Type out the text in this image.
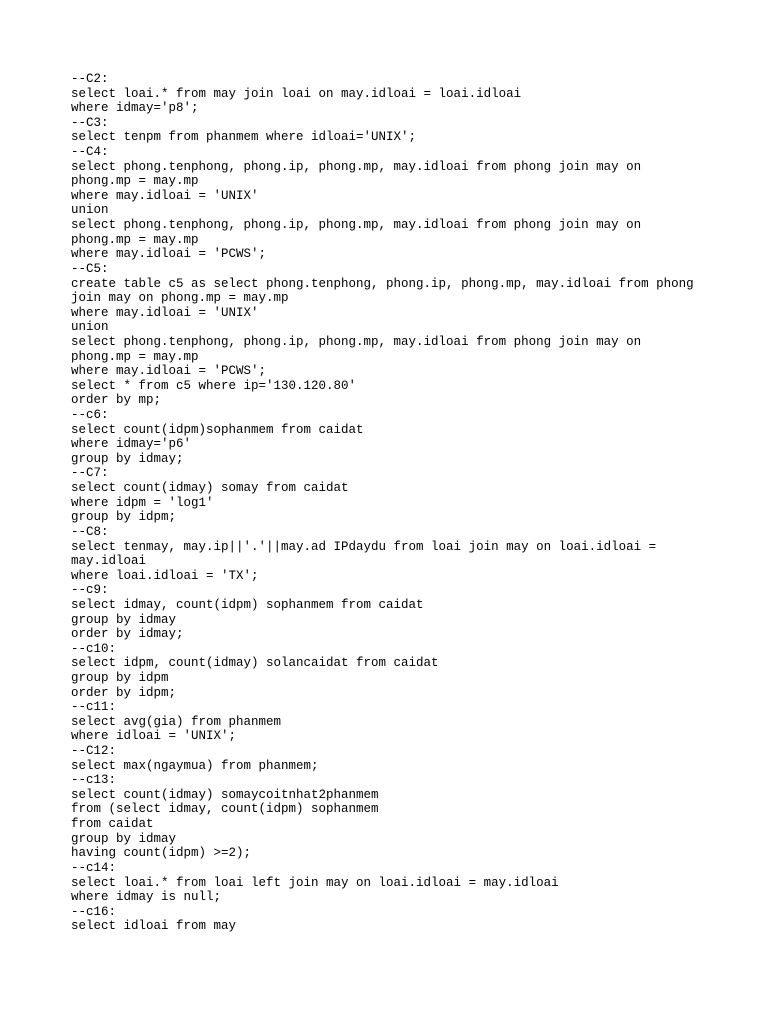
--C2:
select loai.* from may join loai on may.idloai = loai.idloai
where idmay='p8';
--C3:
select tenpm from phanmem where idloai='UNIX';
--C4:
select phong.tenphong, phong.ip, phong.mp, may.idloai from phong join may on
phong.mp = may.mp
where may.idloai = 'UNIX'
union
select phong.tenphong, phong.ip, phong.mp, may.idloai from phong join may on
phong.mp = may.mp
where may.idloai = 'PCWS';
--C5:
create table c5 as select phong.tenphong, phong.ip, phong.mp, may.idloai from phong
join may on phong.mp = may.mp
where may.idloai = 'UNIX'
union
select phong.tenphong, phong.ip, phong.mp, may.idloai from phong join may on
phong.mp = may.mp
where may.idloai = 'PCWS';
select * from c5 where ip='130.120.80'
order by mp;
--c6:
select count(idpm)sophanmem from caidat
where idmay='p6'
group by idmay;
--C7:
select count(idmay) somay from caidat
where idpm = 'log1'
group by idpm;
--C8:
select tenmay, may.ip||'.'||may.ad IPdaydu from loai join may on loai.idloai =
may.idloai
where loai.idloai = 'TX';
--c9:
select idmay, count(idpm) sophanmem from caidat
group by idmay
order by idmay;
--c10:
select idpm, count(idmay) solancaidat from caidat
group by idpm
order by idpm;
--c11:
select avg(gia) from phanmem
where idloai = 'UNIX';
--C12:
select max(ngaymua) from phanmem;
--c13:
select count(idmay) somaycoitnhat2phanmem
from (select idmay, count(idpm) sophanmem
from caidat
group by idmay
having count(idpm) >=2);
--c14:
select loai.* from loai left join may on loai.idloai = may.idloai
where idmay is null;
--c16:
select idloai from may
